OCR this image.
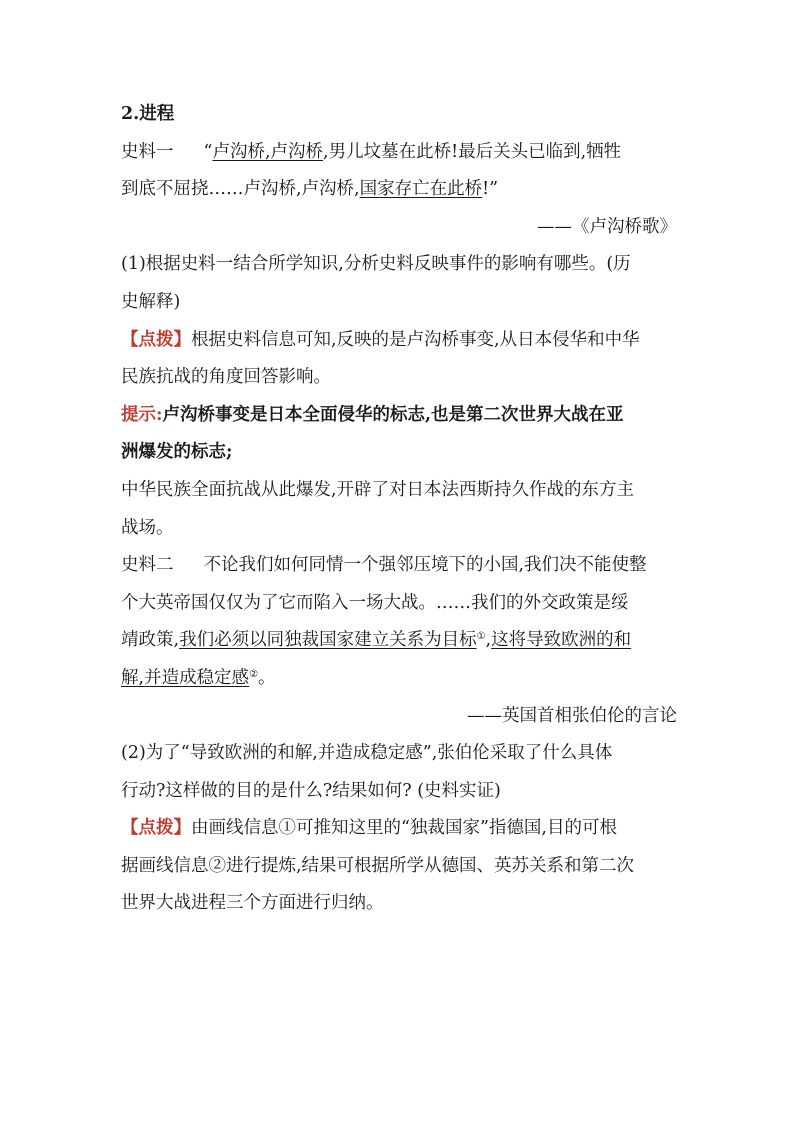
2.进程
史料一 “卢沟桥,卢沟桥,男儿坟墓在此桥!最后关头已临到,牺牲
到底不屈挠……卢沟桥,卢沟桥,国家存亡在此桥!”
——《卢沟桥歌》
(1)根据史料一结合所学知识,分析史料反映事件的影响有哪些。(历
史解释)
【点拨】根据史料信息可知,反映的是卢沟桥事变,从日本侵华和中华
民族抗战的角度回答影响。
提示:卢沟桥事变是日本全面侵华的标志,也是第二次世界大战在亚
洲爆发的标志;
中华民族全面抗战从此爆发,开辟了对日本法西斯持久作战的东方主
战场。
史料二 不论我们如何同情一个强邻压境下的小国,我们决不能使整
个大英帝国仅仅为了它而陷入一场大战。……我们的外交政策是绥
靖政策,我们必须以同独裁国家建立关系为目标①,这将导致欧洲的和
解,并造成稳定感②。
——英国首相张伯伦的言论
(2)为了“导致欧洲的和解,并造成稳定感”,张伯伦采取了什么具体
行动?这样做的目的是什么?结果如何? (史料实证)
【点拨】由画线信息①可推知这里的“独裁国家”指德国,目的可根
据画线信息②进行提炼,结果可根据所学从德国、英苏关系和第二次
世界大战进程三个方面进行归纳。
